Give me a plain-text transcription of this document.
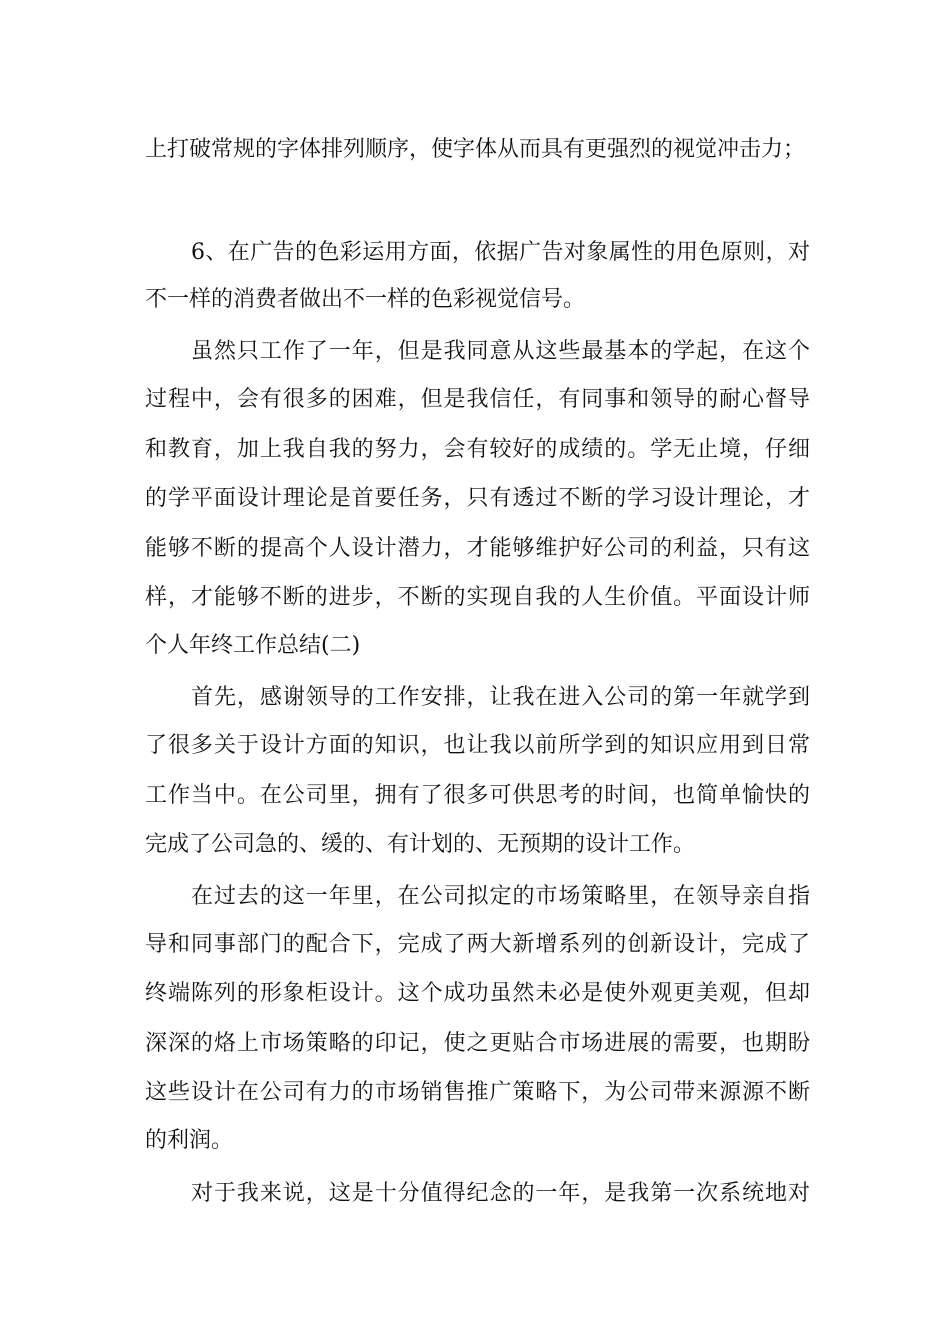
上打破常规的字体排列顺序，使字体从而具有更强烈的视觉冲击力；
6、在广告的色彩运用方面，依据广告对象属性的用色原则，对
不一样的消费者做出不一样的色彩视觉信号。
虽然只工作了一年，但是我同意从这些最基本的学起，在这个
过程中，会有很多的困难，但是我信任，有同事和领导的耐心督导
和教育，加上我自我的努力，会有较好的成绩的。学无止境，仔细
的学平面设计理论是首要任务，只有透过不断的学习设计理论，才
能够不断的提高个人设计潜力，才能够维护好公司的利益，只有这
样，才能够不断的进步，不断的实现自我的人生价值。平面设计师
个人年终工作总结(二)
首先，感谢领导的工作安排，让我在进入公司的第一年就学到
了很多关于设计方面的知识，也让我以前所学到的知识应用到日常
工作当中。在公司里，拥有了很多可供思考的时间，也简单愉快的
完成了公司急的、缓的、有计划的、无预期的设计工作。
在过去的这一年里，在公司拟定的市场策略里，在领导亲自指
导和同事部门的配合下，完成了两大新增系列的创新设计，完成了
终端陈列的形象柜设计。这个成功虽然未必是使外观更美观，但却
深深的烙上市场策略的印记，使之更贴合市场进展的需要，也期盼
这些设计在公司有力的市场销售推广策略下，为公司带来源源不断
的利润。
对于我来说，这是十分值得纪念的一年，是我第一次系统地对
